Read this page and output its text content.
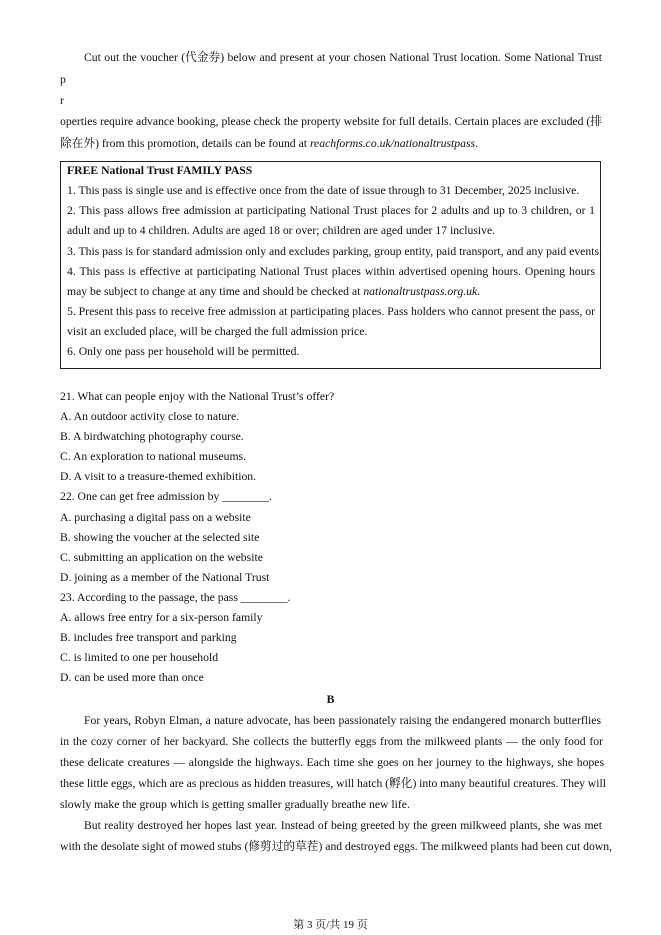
Cut out the voucher (代金券) below and present at your chosen National Trust location. Some National Trust
p
r
operties require advance booking, please check the property website for full details. Certain places are excluded (排
除在外) from this promotion, details can be found at reachforms.co.uk/nationaltrustpass.
FREE National Trust FAMILY PASS
1. This pass is single use and is effective once from the date of issue through to 31 December, 2025 inclusive.
2. This pass allows free admission at participating National Trust places for 2 adults and up to 3 children, or 1
adult and up to 4 children. Adults are aged 18 or over; children are aged under 17 inclusive.
3. This pass is for standard admission only and excludes parking, group entity, paid transport, and any paid events.
4. This pass is effective at participating National Trust places within advertised opening hours. Opening hours
may be subject to change at any time and should be checked at nationaltrustpass.org.uk.
5. Present this pass to receive free admission at participating places. Pass holders who cannot present the pass, or
visit an excluded place, will be charged the full admission price.
6. Only one pass per household will be permitted.
21. What can people enjoy with the National Trust’s offer?
A. An outdoor activity close to nature.
B. A birdwatching photography course.
C. An exploration to national museums.
D. A visit to a treasure-themed exhibition.
22. One can get free admission by ________.
A. purchasing a digital pass on a website
B. showing the voucher at the selected site
C. submitting an application on the website
D. joining as a member of the National Trust
23. According to the passage, the pass ________.
A. allows free entry for a six-person family
B. includes free transport and parking
C. is limited to one per household
D. can be used more than once
B
For years, Robyn Elman, a nature advocate, has been passionately raising the endangered monarch butterflies
in the cozy corner of her backyard. She collects the butterfly eggs from the milkweed plants — the only food for
these delicate creatures — alongside the highways. Each time she goes on her journey to the highways, she hopes
these little eggs, which are as precious as hidden treasures, will hatch (孵化) into many beautiful creatures. They will
slowly make the group which is getting smaller gradually breathe new life.
But reality destroyed her hopes last year. Instead of being greeted by the green milkweed plants, she was met
with the desolate sight of mowed stubs (修剪过的草茬) and destroyed eggs. The milkweed plants had been cut down,
第 3 页/共 19 页
